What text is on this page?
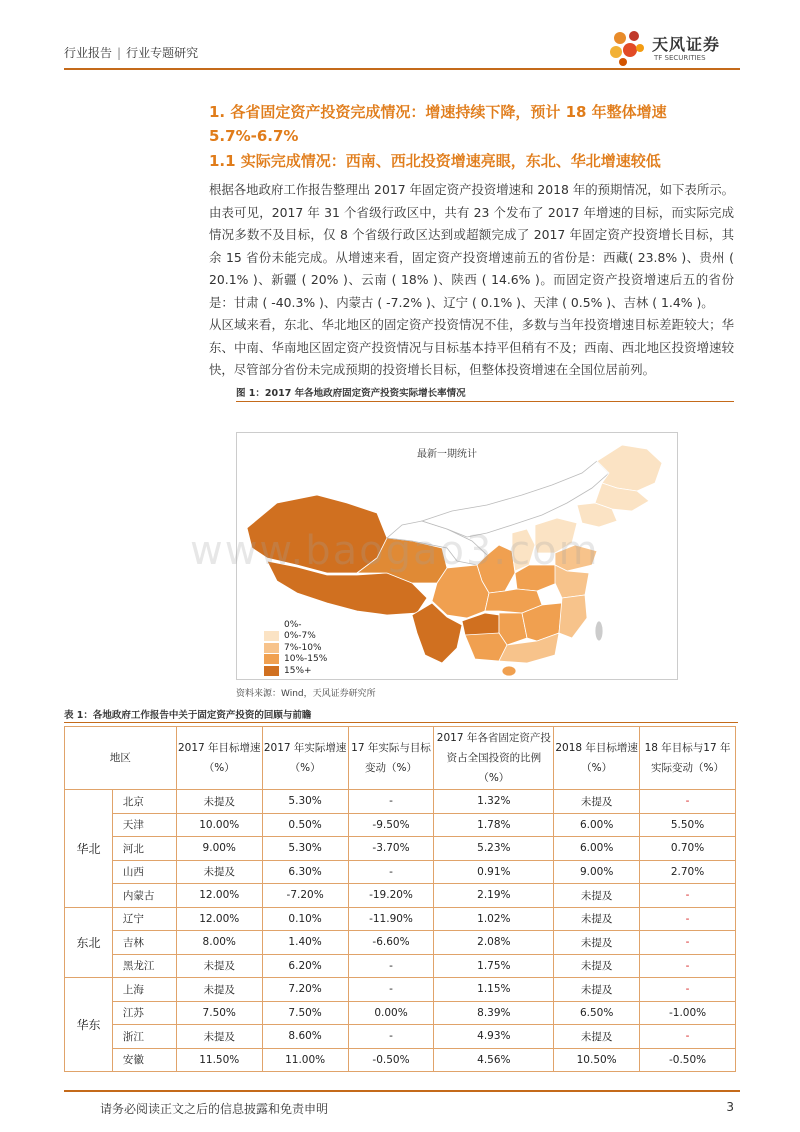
行业报告 | 行业专题研究	天风证券
TF SECURITIES
1. 各省固定资产投资完成情况：增速持续下降，预计 18 年整体增速 5.7%-6.7%
1.1 实际完成情况：西南、西北投资增速亮眼，东北、华北增速较低
根据各地政府工作报告整理出 2017 年固定资产投资增速和 2018 年的预期情况，如下表所示。由表可见，2017 年 31 个省级行政区中，共有 23 个发布了 2017 年增速的目标，而实际完成情况多数不及目标，仅 8 个省级行政区达到或超额完成了 2017 年固定资产投资增长目标，其余 15 省份未能完成。从增速来看，固定资产投资增速前五的省份是：西藏( 23.8% )、贵州 ( 20.1% )、新疆 ( 20% )、云南 ( 18% )、陕西 ( 14.6% )。而固定资产投资增速后五的省份是：甘肃 ( -40.3% )、内蒙古 ( -7.2% )、辽宁 ( 0.1% )、天津 ( 0.5% )、吉林 ( 1.4% )。
从区域来看，东北、华北地区的固定资产投资情况不佳，多数与当年投资增速目标差距较大；华东、中南、华南地区固定资产投资情况与目标基本持平但稍有不及；西南、西北地区投资增速较快，尽管部分省份未完成预期的投资增长目标，但整体投资增速在全国位居前列。
图 1：2017 年各地政府固定资产投资实际增长率情况
最新一期统计
0%-
0%-7%
7%-10%
10%-15%
15%+
www.baogao3.com
资料来源：Wind，天风证券研究所
表 1：各地政府工作报告中关于固定资产投资的回顾与前瞻
地区		2017 年目标增速（%）	2017 年实际增速（%）	17 年实际与目标变动（%）	2017 年各省固定资产投资占全国投资的比例（%）	2018 年目标增速（%）	18 年目标与17 年实际变动（%）
华北	北京	未提及	5.30%	-	1.32%	未提及	-
	天津	10.00%	0.50%	-9.50%	1.78%	6.00%	5.50%
	河北	9.00%	5.30%	-3.70%	5.23%	6.00%	0.70%
	山西	未提及	6.30%	-	0.91%	9.00%	2.70%
	内蒙古	12.00%	-7.20%	-19.20%	2.19%	未提及	-
东北	辽宁	12.00%	0.10%	-11.90%	1.02%	未提及	-
	吉林	8.00%	1.40%	-6.60%	2.08%	未提及	-
	黑龙江	未提及	6.20%	-	1.75%	未提及	-
华东	上海	未提及	7.20%	-	1.15%	未提及	-
	江苏	7.50%	7.50%	0.00%	8.39%	6.50%	-1.00%
	浙江	未提及	8.60%	-	4.93%	未提及	-
	安徽	11.50%	11.00%	-0.50%	4.56%	10.50%	-0.50%
请务必阅读正文之后的信息披露和免责申明	3
